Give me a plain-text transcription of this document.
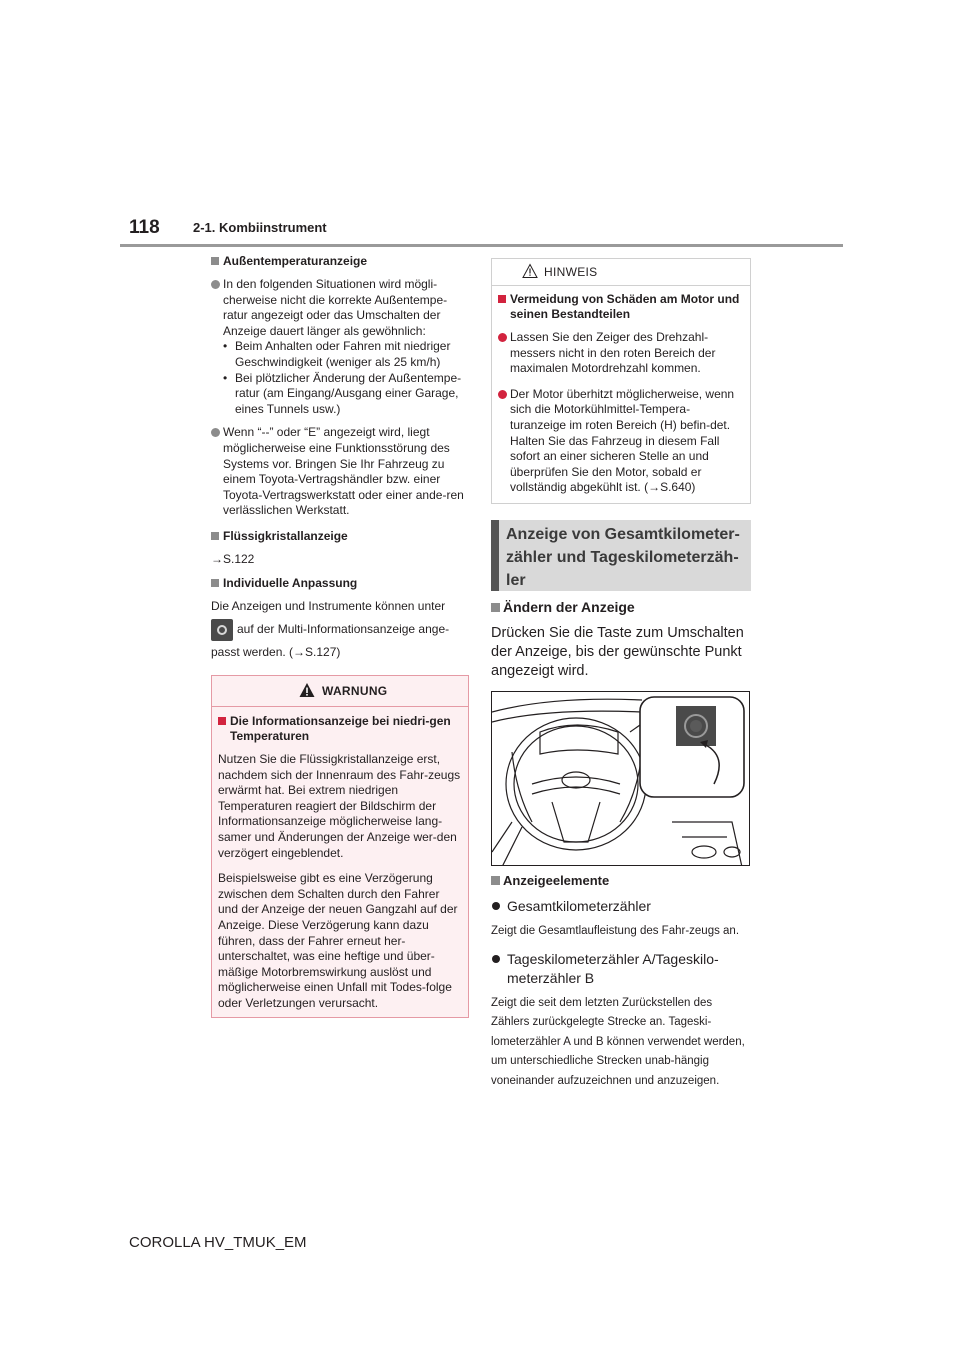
118	2-1. Kombiinstrument
Außentemperaturanzeige
In den folgenden Situationen wird mögli-cherweise nicht die korrekte Außentempe-ratur angezeigt oder das Umschalten der Anzeige dauert länger als gewöhnlich:
• Beim Anhalten oder Fahren mit niedriger Geschwindigkeit (weniger als 25 km/h)
• Bei plötzlicher Änderung der Außentempe-ratur (am Eingang/Ausgang einer Garage, eines Tunnels usw.)
Wenn “--” oder “E” angezeigt wird, liegt möglicherweise eine Funktionsstörung des Systems vor. Bringen Sie Ihr Fahrzeug zu einem Toyota-Vertragshändler bzw. einer Toyota-Vertragswerkstatt oder einer ande-ren verlässlichen Werkstatt.
Flüssigkristallanzeige
→S.122
Individuelle Anpassung
Die Anzeigen und Instrumente können unter
auf der Multi-Informationsanzeige ange-
passt werden. (→S.127)
WARNUNG
Die Informationsanzeige bei niedri-gen Temperaturen
Nutzen Sie die Flüssigkristallanzeige erst, nachdem sich der Innenraum des Fahr-zeugs erwärmt hat. Bei extrem niedrigen Temperaturen reagiert der Bildschirm der Informationsanzeige möglicherweise lang-samer und Änderungen der Anzeige wer-den verzögert eingeblendet.
Beispielsweise gibt es eine Verzögerung zwischen dem Schalten durch den Fahrer und der Anzeige der neuen Gangzahl auf der Anzeige. Diese Verzögerung kann dazu führen, dass der Fahrer erneut her-unterschaltet, was eine heftige und über-mäßige Motorbremswirkung auslöst und möglicherweise einen Unfall mit Todes-folge oder Verletzungen verursacht.
HINWEIS
Vermeidung von Schäden am Motor und seinen Bestandteilen
Lassen Sie den Zeiger des Drehzahl-messers nicht in den roten Bereich der maximalen Motordrehzahl kommen.
Der Motor überhitzt möglicherweise, wenn sich die Motorkühlmittel-Tempera-turanzeige im roten Bereich (H) befin-det. Halten Sie das Fahrzeug in diesem Fall sofort an einer sicheren Stelle an und überprüfen Sie den Motor, sobald er vollständig abgekühlt ist. (→S.640)
Anzeige von Gesamtkilometer-
zähler und Tageskilometerzäh-
ler
Ändern der Anzeige
Drücken Sie die Taste zum Umschalten der Anzeige, bis der gewünschte Punkt angezeigt wird.
Anzeigeelemente
Gesamtkilometerzähler
Zeigt die Gesamtlaufleistung des Fahr-zeugs an.
Tageskilometerzähler A/Tageskilo-meterzähler B
Zeigt die seit dem letzten Zurückstellen des Zählers zurückgelegte Strecke an. Tageski-lometerzähler A und B können verwendet werden, um unterschiedliche Strecken unab-hängig voneinander aufzuzeichnen und anzuzeigen.
COROLLA HV_TMUK_EM
